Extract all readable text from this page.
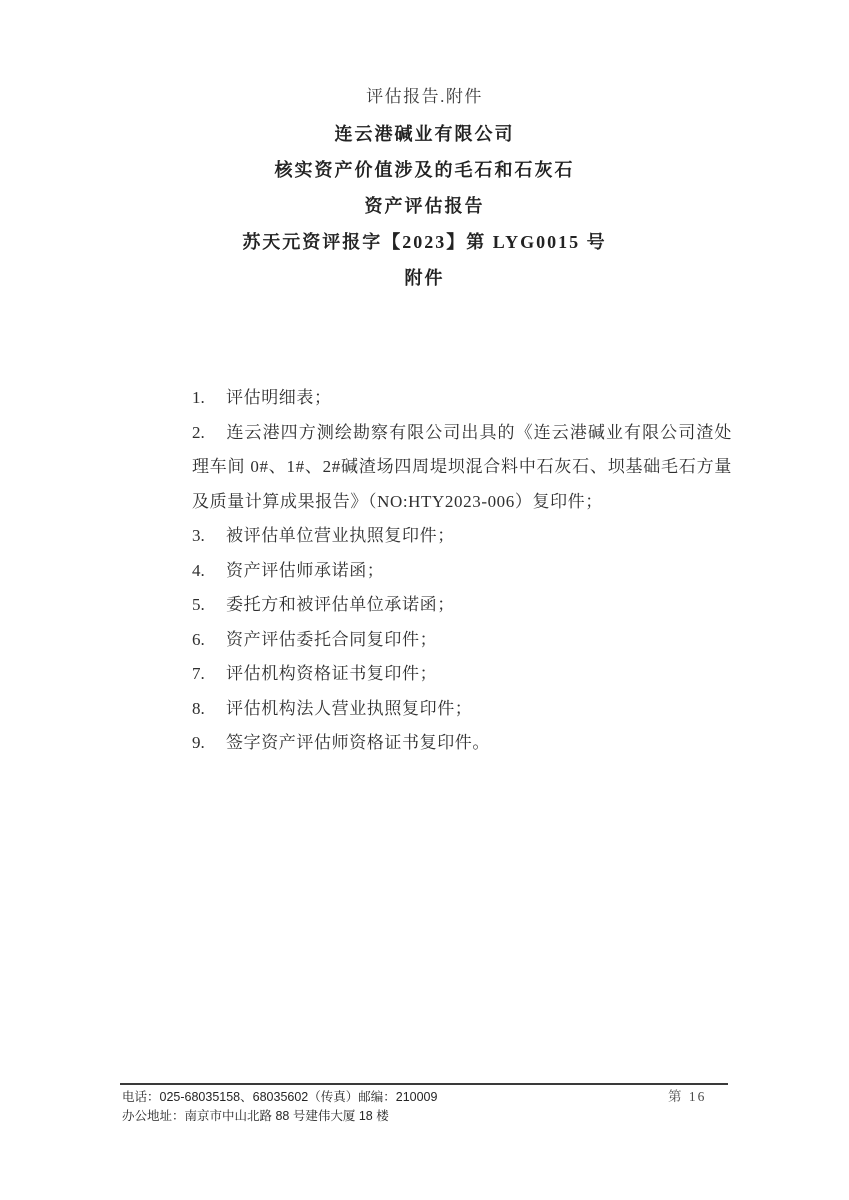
评估报告.附件
连云港碱业有限公司
核实资产价值涉及的毛石和石灰石
资产评估报告
苏天元资评报字【2023】第 LYG0015 号
附件

1. 评估明细表；

2. 连云港四方测绘勘察有限公司出具的《连云港碱业有限公司渣处理车间 0#、1#、2#碱渣场四周堤坝混合料中石灰石、坝基础毛石方量及质量计算成果报告》（NO:HTY2023-006）复印件；

3. 被评估单位营业执照复印件；

4. 资产评估师承诺函；

5. 委托方和被评估单位承诺函；

6. 资产评估委托合同复印件；

7. 评估机构资格证书复印件；

8. 评估机构法人营业执照复印件；

9. 签字资产评估师资格证书复印件。

电话：025-68035158、68035602（传真）邮编：210009
办公地址：南京市中山北路 88 号建伟大厦 18 楼
第 16
